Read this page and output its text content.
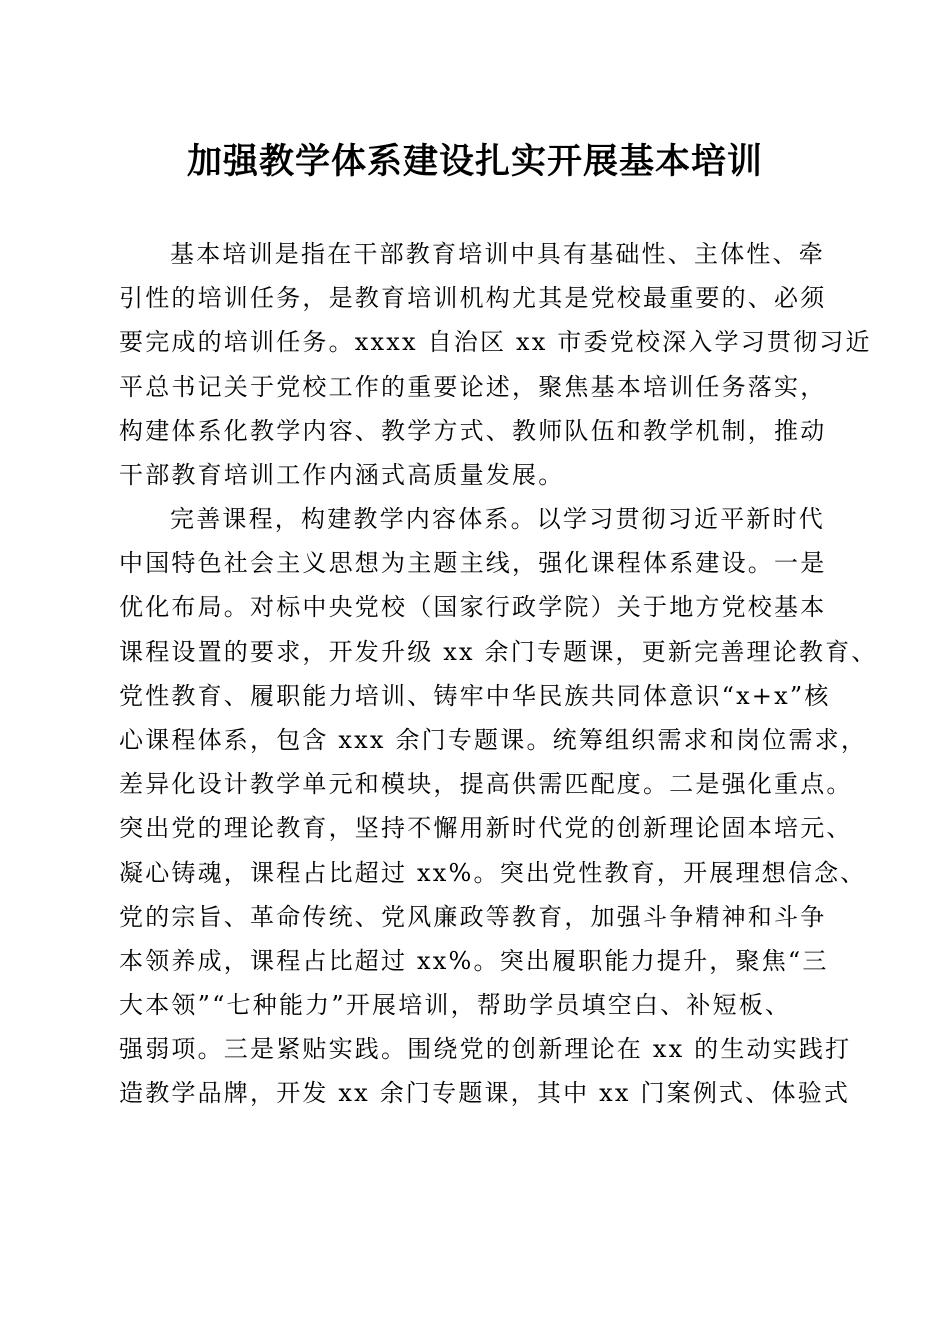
加强教学体系建设扎实开展基本培训
基本培训是指在干部教育培训中具有基础性、主体性、牵
引性的培训任务，是教育培训机构尤其是党校最重要的、必须
要完成的培训任务。xxxx 自治区 xx 市委党校深入学习贯彻习近
平总书记关于党校工作的重要论述，聚焦基本培训任务落实，
构建体系化教学内容、教学方式、教师队伍和教学机制，推动
干部教育培训工作内涵式高质量发展。
完善课程，构建教学内容体系。以学习贯彻习近平新时代
中国特色社会主义思想为主题主线，强化课程体系建设。一是
优化布局。对标中央党校（国家行政学院）关于地方党校基本
课程设置的要求，开发升级 xx 余门专题课，更新完善理论教育、
党性教育、履职能力培训、铸牢中华民族共同体意识“x+x”核
心课程体系，包含 xxx 余门专题课。统筹组织需求和岗位需求，
差异化设计教学单元和模块，提高供需匹配度。二是强化重点。
突出党的理论教育，坚持不懈用新时代党的创新理论固本培元、
凝心铸魂，课程占比超过 xx%。突出党性教育，开展理想信念、
党的宗旨、革命传统、党风廉政等教育，加强斗争精神和斗争
本领养成，课程占比超过 xx%。突出履职能力提升，聚焦“三
大本领”“七种能力”开展培训，帮助学员填空白、补短板、
强弱项。三是紧贴实践。围绕党的创新理论在 xx 的生动实践打
造教学品牌，开发 xx 余门专题课，其中 xx 门案例式、体验式
